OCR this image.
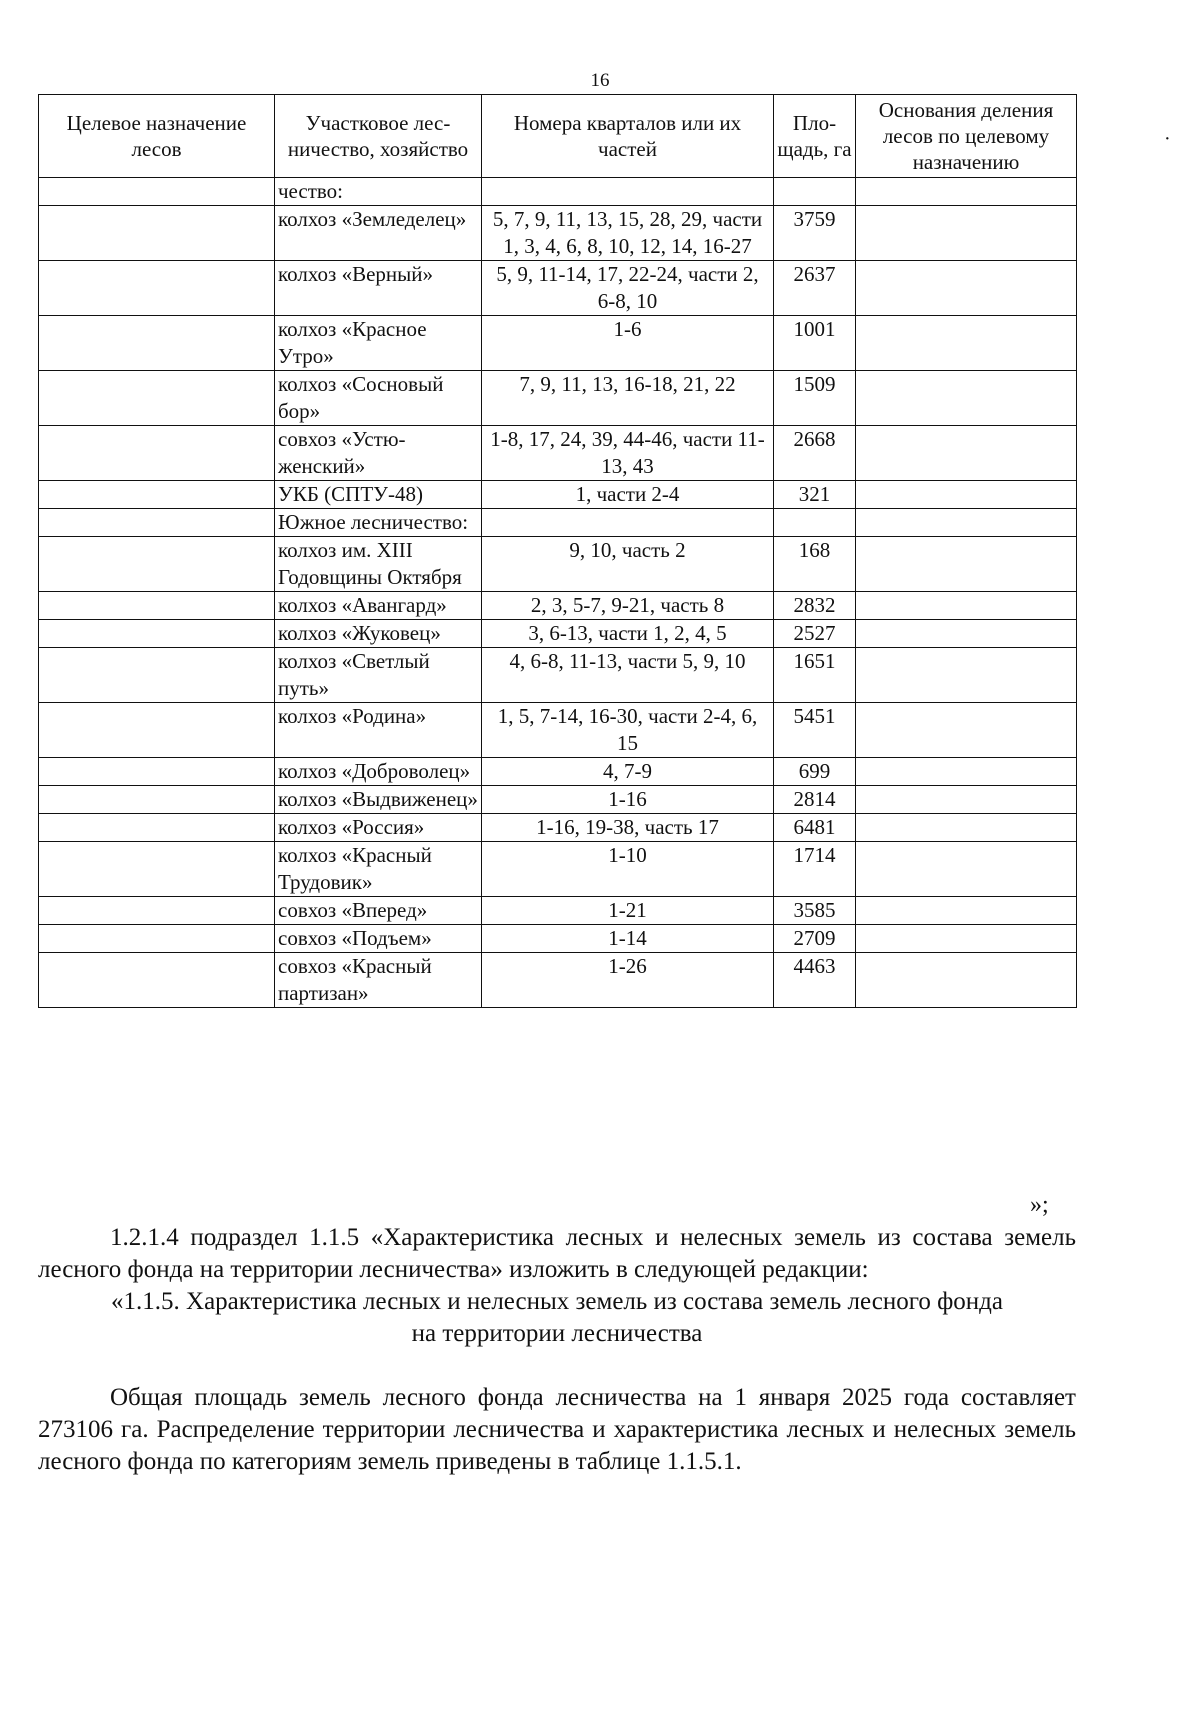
16
·
Целевое назначение лесов	Участковое лесничество, хозяйство	Номера кварталов или их частей	Площадь, га	Основания деления лесов по целевому назначению
	чество:			
	колхоз «Земледелец»	5, 7, 9, 11, 13, 15, 28, 29, части 1, 3, 4, 6, 8, 10, 12, 14, 16-27	3759	
	колхоз «Верный»	5, 9, 11-14, 17, 22-24, части 2, 6-8, 10	2637	
	колхоз «Красное Утро»	1-6	1001	
	колхоз «Сосновый бор»	7, 9, 11, 13, 16-18, 21, 22	1509	
	совхоз «Устюженский»	1-8, 17, 24, 39, 44-46, части 11-13, 43	2668	
	УКБ (СПТУ-48)	1, части 2-4	321	
	Южное лесничество:			
	колхоз им. XIII Годовщины Октября	9, 10, часть 2	168	
	колхоз «Авангард»	2, 3, 5-7, 9-21, часть 8	2832	
	колхоз «Жуковец»	3, 6-13, части 1, 2, 4, 5	2527	
	колхоз «Светлый путь»	4, 6-8, 11-13, части 5, 9, 10	1651	
	колхоз «Родина»	1, 5, 7-14, 16-30, части 2-4, 6, 15	5451	
	колхоз «Доброволец»	4, 7-9	699	
	колхоз «Выдвиженец»	1-16	2814	
	колхоз «Россия»	1-16, 19-38, часть 17	6481	
	колхоз «Красный Трудовик»	1-10	1714	
	совхоз «Вперед»	1-21	3585	
	совхоз «Подъем»	1-14	2709	
	совхоз «Красный партизан»	1-26	4463	
»;

1.2.1.4 подраздел 1.1.5 «Характеристика лесных и нелесных земель из состава земель лесного фонда на территории лесничества» изложить в следующей редакции:

«1.1.5. Характеристика лесных и нелесных земель из состава земель лесного фонда

на территории лесничества

Общая площадь земель лесного фонда лесничества на 1 января 2025 года составляет 273106 га. Распределение территории лесничества и характеристика лесных и нелесных земель лесного фонда по категориям земель приведены в таблице 1.1.5.1.
